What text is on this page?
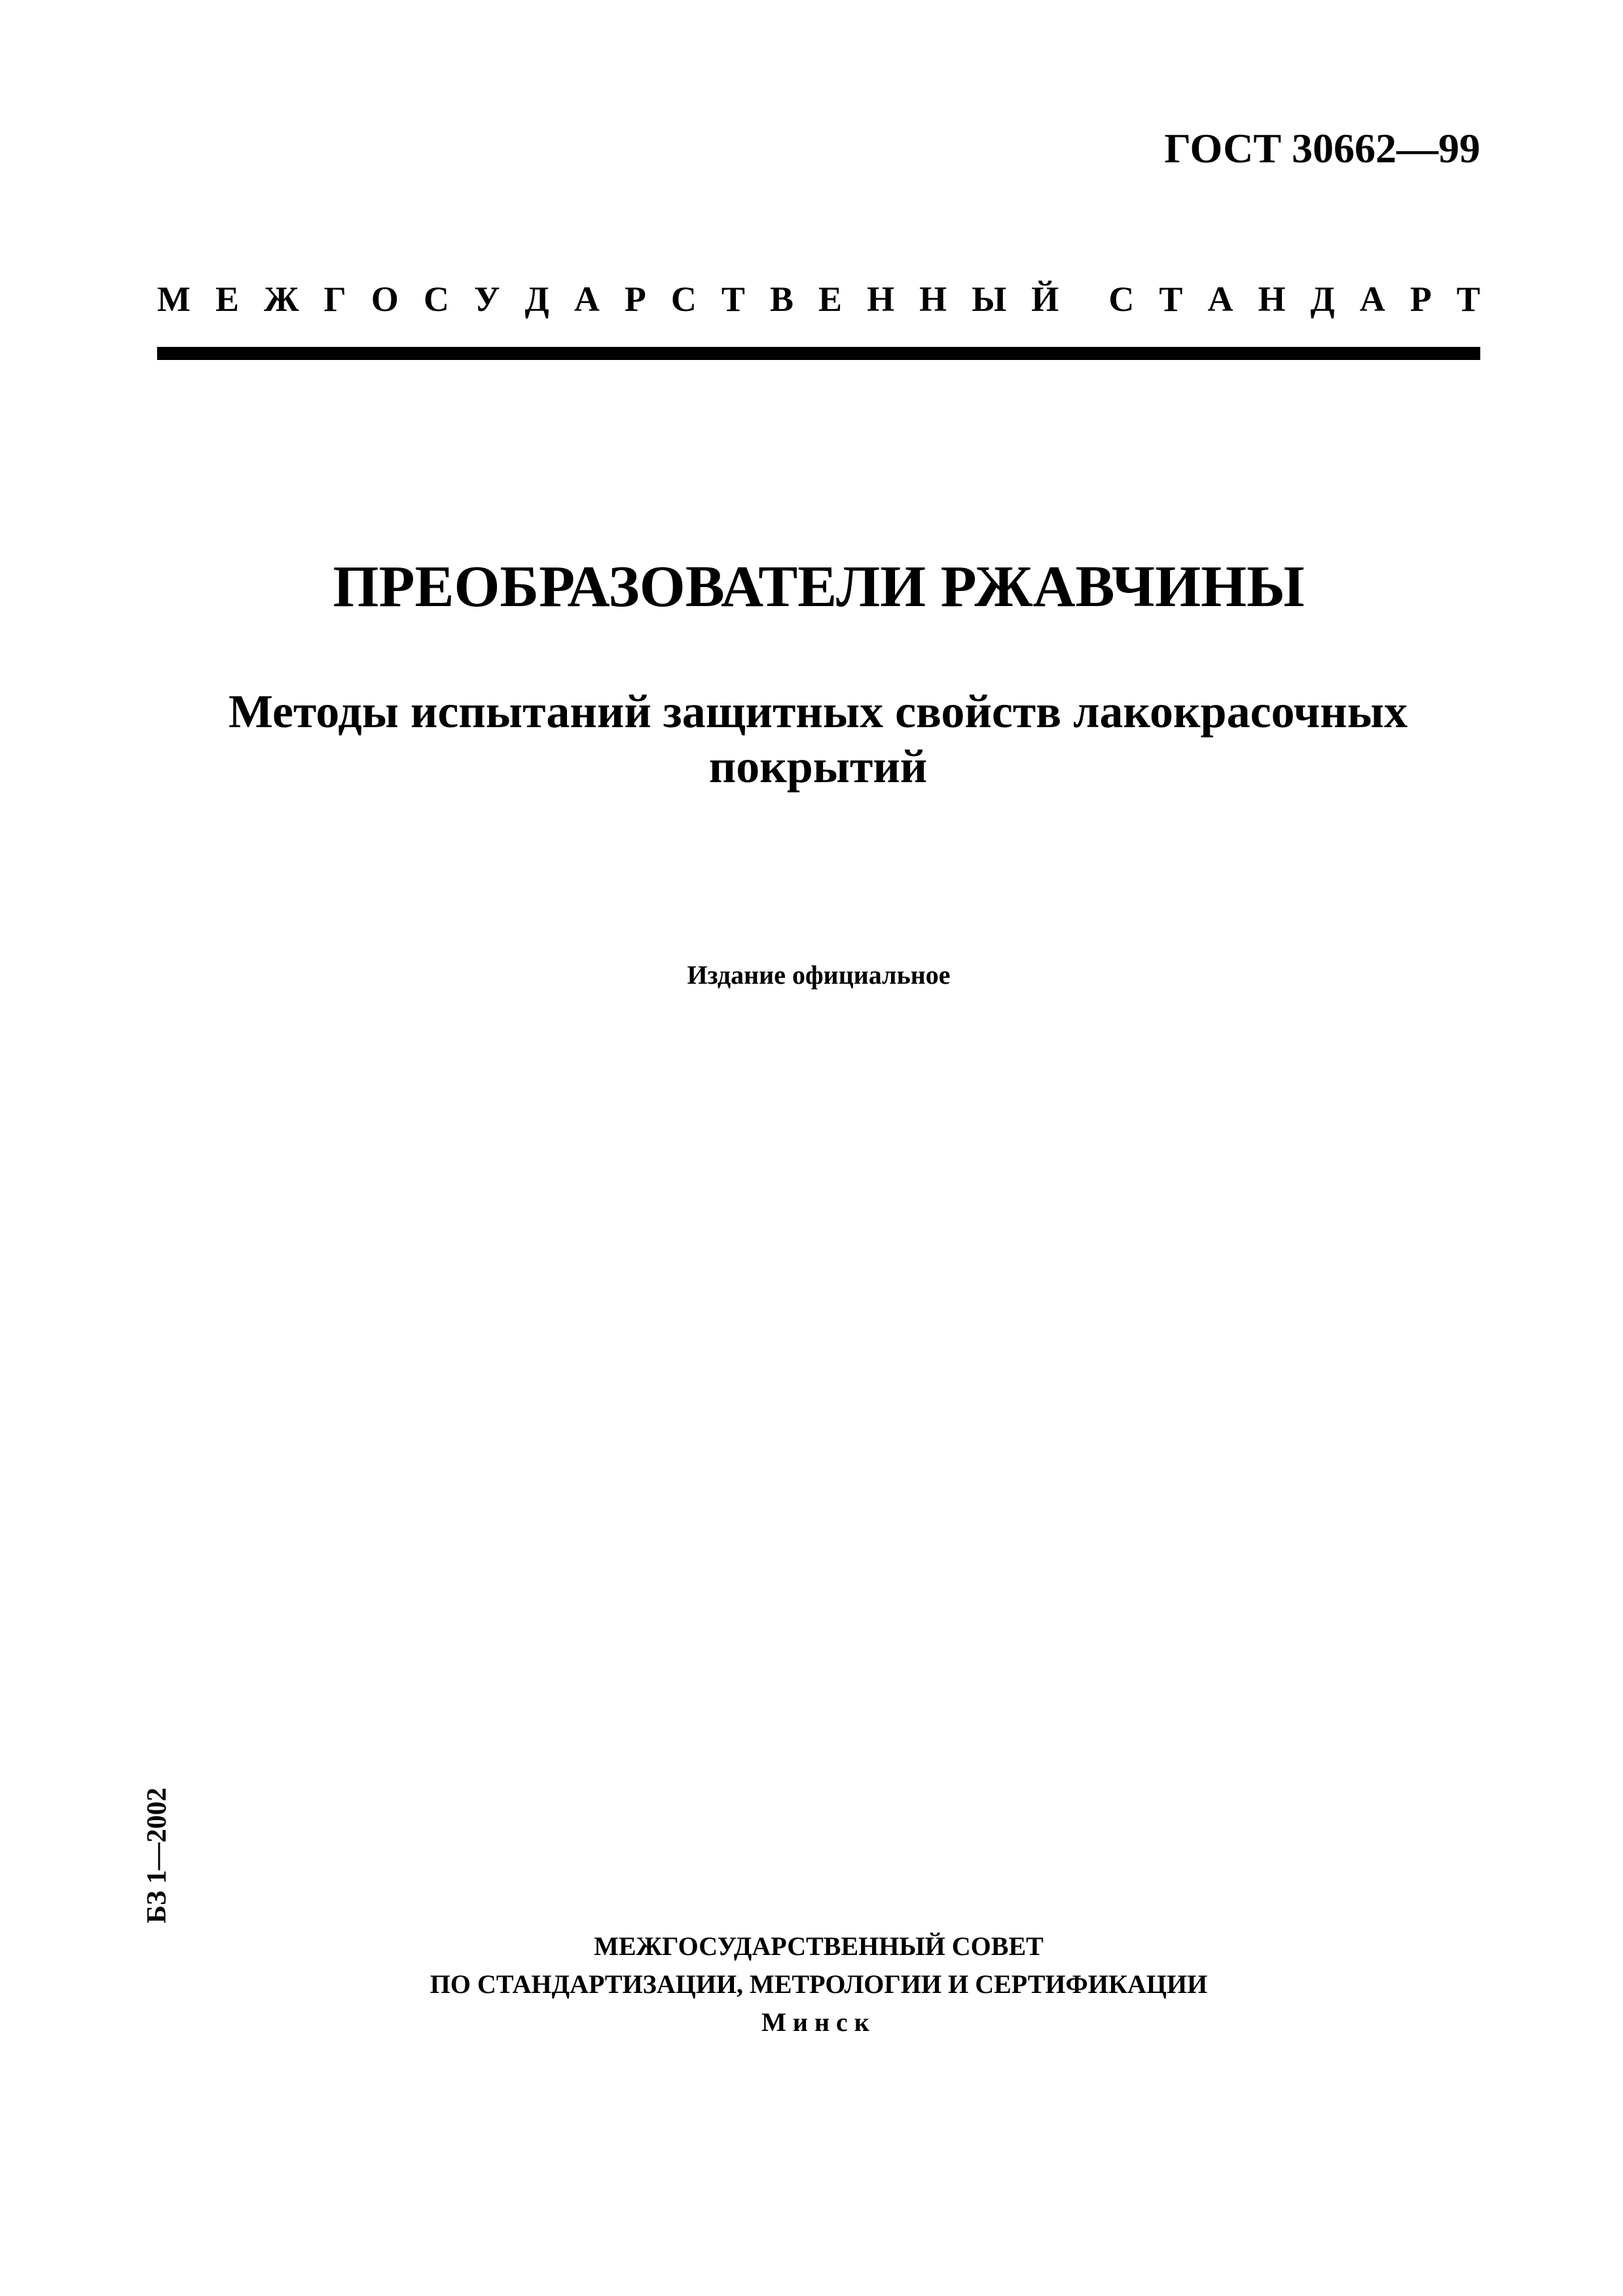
ГОСТ 30662—99
М Е Ж Г О С У Д А Р С Т В Е Н Н Ы Й С Т А Н Д А Р Т
ПРЕОБРАЗОВАТЕЛИ РЖАВЧИНЫ
Методы испытаний защитных свойств лакокрасочных покрытий
Издание официальное
БЗ 1—2002
МЕЖГОСУДАРСТВЕННЫЙ СОВЕТ
ПО СТАНДАРТИЗАЦИИ, МЕТРОЛОГИИ И СЕРТИФИКАЦИИ
Минск
